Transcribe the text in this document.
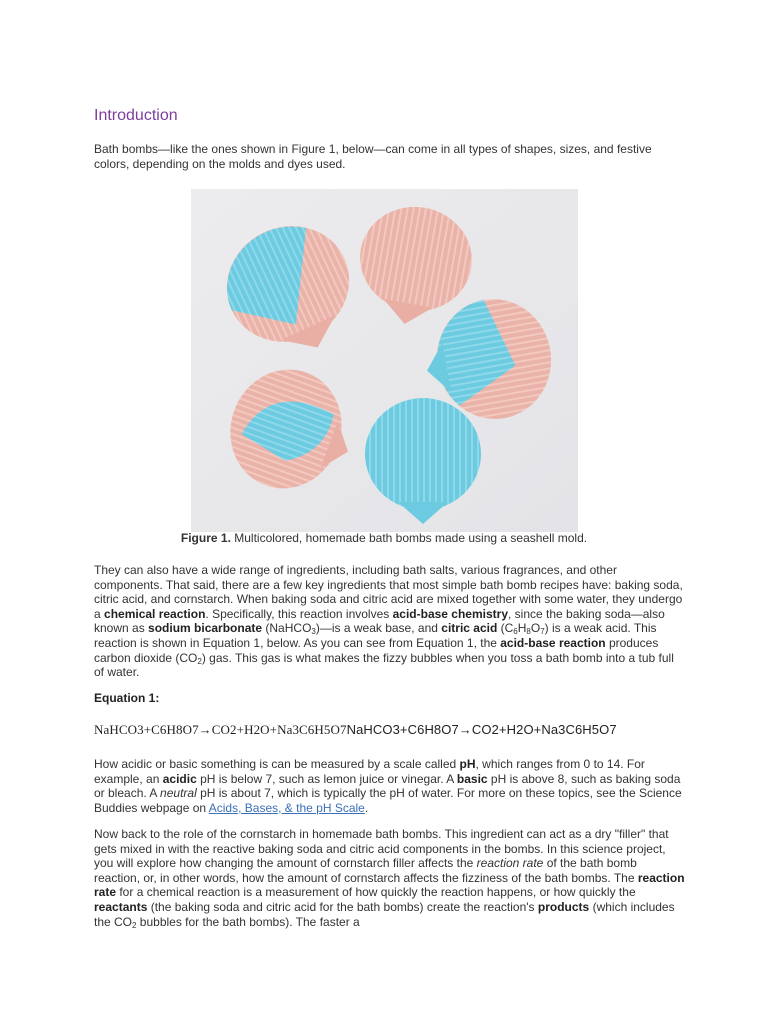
Introduction

Bath bombs—like the ones shown in Figure 1, below—can come in all types of shapes, sizes, and festive colors, depending on the molds and dyes used.

Figure 1. Multicolored, homemade bath bombs made using a seashell mold.

They can also have a wide range of ingredients, including bath salts, various fragrances, and other components. That said, there are a few key ingredients that most simple bath bomb recipes have: baking soda, citric acid, and cornstarch. When baking soda and citric acid are mixed together with some water, they undergo a chemical reaction. Specifically, this reaction involves acid-base chemistry, since the baking soda—also known as sodium bicarbonate (NaHCO$_3$)—is a weak base, and citric acid $(C_6H_8O_7)$ is a weak acid. This reaction is shown in Equation 1, below. As you can see from Equation 1, the acid-base reaction produces carbon dioxide $(CO_2)$ gas. This gas is what makes the fizzy bubbles when you toss a bath bomb into a tub full of water.

Equation 1:
NaHCO3+C6H8O7→CO2+H2O+Na3C6H5O7NaHCO3+C6H8O7→CO2+H2O+Na3C6H5O7

How acidic or basic something is can be measured by a scale called pH, which ranges from 0 to 14. For example, an acidic pH is below 7, such as lemon juice or vinegar. A basic pH is above 8, such as baking soda or bleach. A neutral pH is about 7, which is typically the pH of water. For more on these topics, see the Science Buddies webpage on Acids, Bases, & the pH Scale.

Now back to the role of the cornstarch in homemade bath bombs. This ingredient can act as a dry "filler" that gets mixed in with the reactive baking soda and citric acid components in the bombs. In this science project, you will explore how changing the amount of cornstarch filler affects the reaction rate of the bath bomb reaction, or, in other words, how the amount of cornstarch affects the fizziness of the bath bombs. The reaction rate for a chemical reaction is a measurement of how quickly the reaction happens, or how quickly the reactants (the baking soda and citric acid for the bath bombs) create the reaction's products (which includes the $CO_2$ bubbles for the bath bombs). The faster a
